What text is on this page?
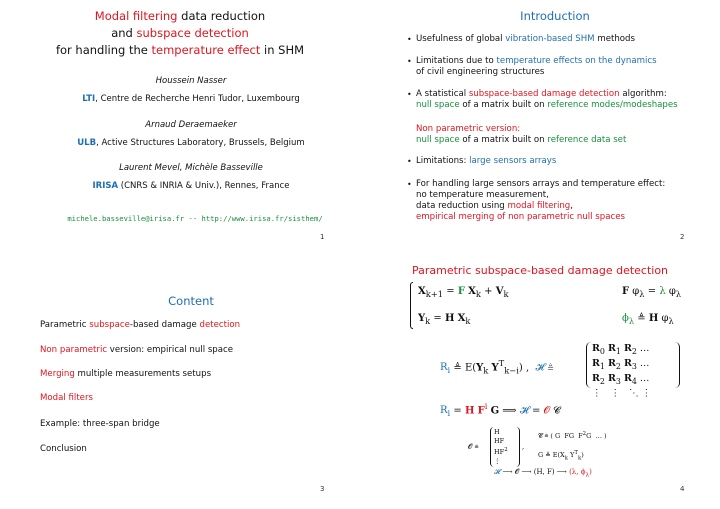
Modal filtering data reduction
and subspace detection
for handling the temperature effect in SHM
Houssein Nasser
LTI, Centre de Recherche Henri Tudor, Luxembourg
Arnaud Deraemaeker
ULB, Active Structures Laboratory, Brussels, Belgium
Laurent Mevel, Michèle Basseville
IRISA (CNRS & INRIA & Univ.), Rennes, France
michele.basseville@irisa.fr -- http://www.irisa.fr/sisthem/
1
Introduction
• Usefulness of global vibration-based SHM methods
• Limitations due to temperature effects on the dynamics
of civil engineering structures
• A statistical subspace-based damage detection algorithm:
null space of a matrix built on reference modes/modeshapes
Non parametric version:
null space of a matrix built on reference data set
• Limitations: large sensors arrays
• For handling large sensors arrays and temperature effect:
no temperature measurement,
data reduction using modal filtering,
empirical merging of non parametric null spaces
2
Content
Parametric subspace-based damage detection
Non parametric version: empirical null space
Merging multiple measurements setups
Modal filters
Example: three-span bridge
Conclusion
3
Parametric subspace-based damage detection
$X_{k+1} = F$ $X_k + V_k$
$Y_k = H$ $X_k$
F $\varphi_\lambda = \lambda$ $\varphi_\lambda$
$\phi_\lambda$ ≜ H $\varphi_\lambda$
$R_i$ ≜ $E(Y_k$ $Y^T_{k-i}$) ,  𝓗 ≜
$R_0$ $R_1$ $R_2$ …
$R_1$ $R_2$ $R_3$ …
$R_2$ $R_3$ $R_4$ …
⋮   ⋮   ⋱ ⋮
$R_i = H$ $F^i$ G ⟹ 𝓗 = 𝓞 𝓒
𝓞 ≜
H
HF
$HF^2$
⋮
,
𝓒 ≜ ( G  FG  $F^2G$  … )
G ≜ $E(X_k$ $Y^T_k$)
𝓗 ⟶ 𝓞 ⟶ (H, F) ⟶ (λ, $\phi_\lambda$)
4
